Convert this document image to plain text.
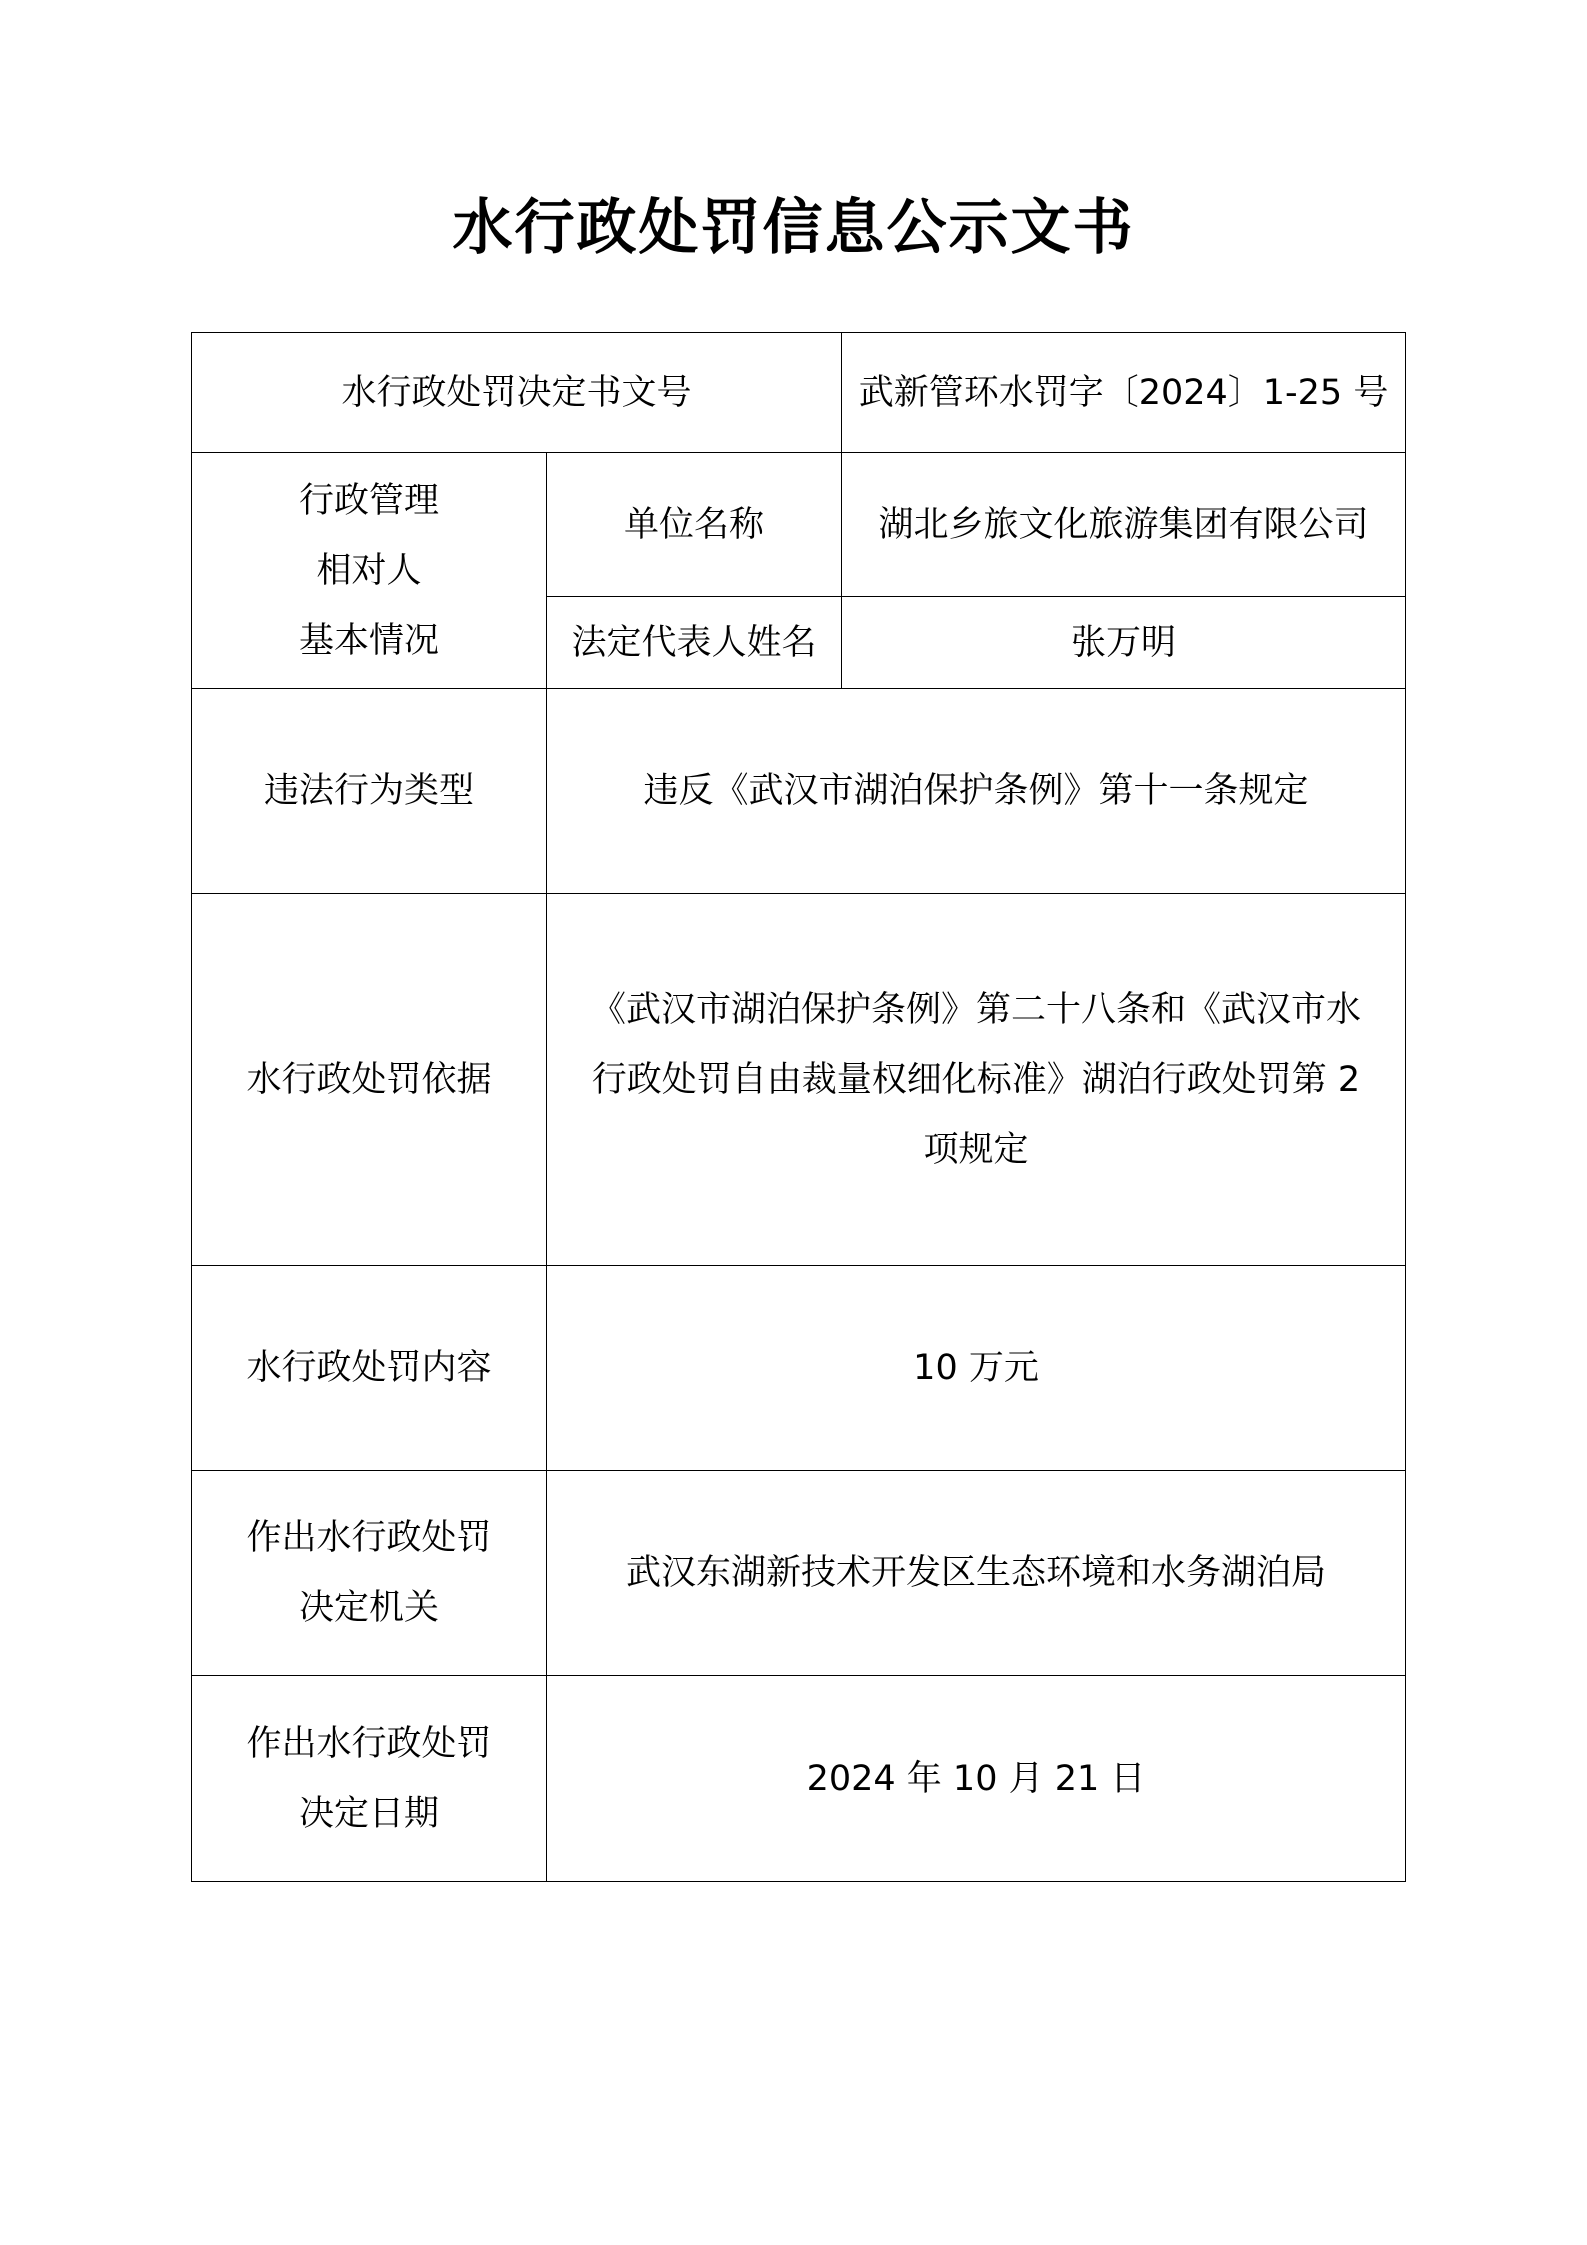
水行政处罚信息公示文书
水行政处罚决定书文号		武新管环水罚字〔2024〕1-25 号

行政管理
相对人
基本情况	单位名称	湖北乡旅文化旅游集团有限公司
	法定代表人姓名	张万明
违法行为类型	违反《武汉市湖泊保护条例》第十一条规定	
水行政处罚依据	《武汉市湖泊保护条例》第二十八条和《武汉市水
行政处罚自由裁量权细化标准》湖泊行政处罚第 2
项规定	

水行政处罚内容	10 万元	

作出水行政处罚
决定机关	武汉东湖新技术开发区生态环境和水务湖泊局	

作出水行政处罚
决定日期	2024 年 10 月 21 日	
